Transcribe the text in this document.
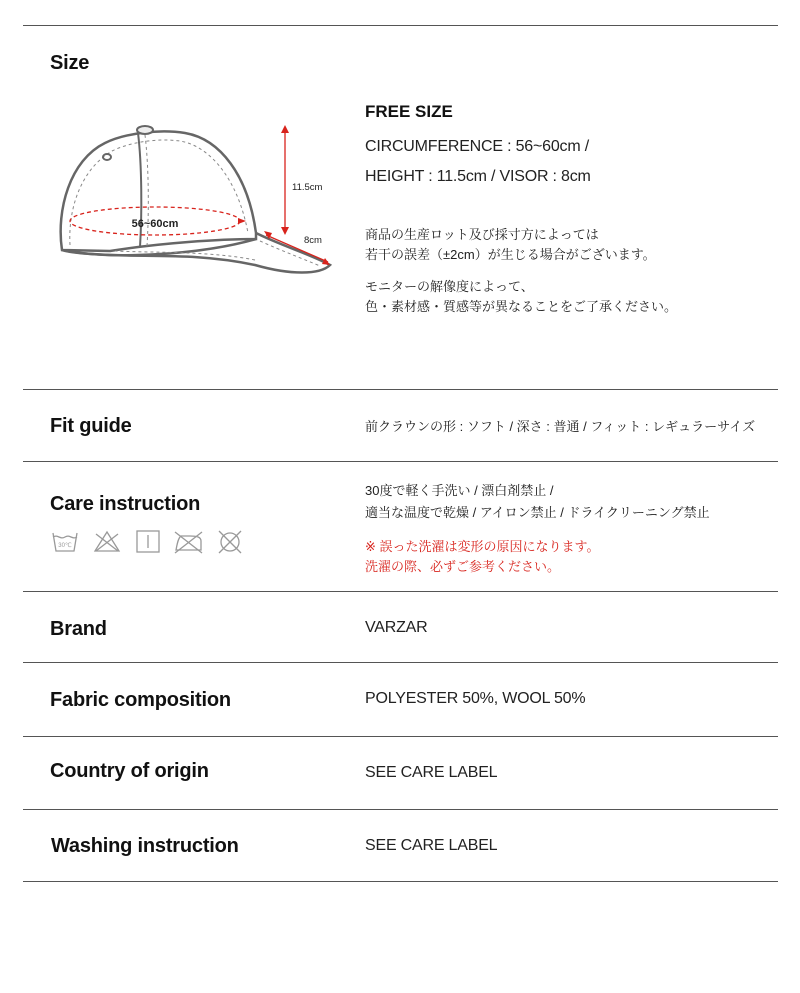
Size
56~60cm
11.5cm
8cm
FREE SIZE
CIRCUMFERENCE : 56~60cm /
HEIGHT : 11.5cm / VISOR : 8cm
商品の生産ロット及び採寸方によっては
若干の誤差（±2cm）が生じる場合がございます。
モニターの解像度によって、
色・素材感・質感等が異なることをご了承ください。
Fit guide	前クラウンの形 : ソフト / 深さ : 普通 / フィット : レギュラーサイズ
Care instruction
30℃
30度で軽く手洗い / 漂白剤禁止 /
適当な温度で乾燥 / アイロン禁止 / ドライクリーニング禁止
※ 誤った洗濯は変形の原因になります。
洗濯の際、必ずご参考ください。
Brand	VARZAR
Fabric composition	POLYESTER 50%, WOOL 50%
Country of origin	SEE CARE LABEL
Washing instruction	SEE CARE LABEL
